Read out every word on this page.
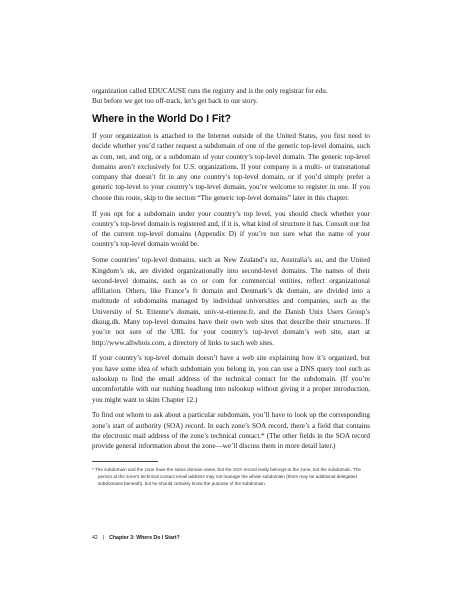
organization called EDUCAUSE runs the registry and is the only registrar for edu.
But before we get too off-track, let’s get back to our story.

Where in the World Do I Fit?

If your organization is attached to the Internet outside of the United States, you first need to decide whether you’d rather request a subdomain of one of the generic top-level domains, such as com, net, and org, or a subdomain of your country’s top-level domain. The generic top-level domains aren’t exclusively for U.S. organizations. If your company is a multi- or transnational company that doesn’t fit in any one country’s top-level domain, or if you’d simply prefer a generic top-level to your country’s top-level domain, you’re welcome to register in one. If you choose this route, skip to the section “The generic top-level domains” later in this chapter.

If you opt for a subdomain under your country’s top level, you should check whether your country’s top-level domain is registered and, if it is, what kind of structure it has. Consult our list of the current top-level domains (Appendix D) if you’re not sure what the name of your country’s top-level domain would be.

Some countries’ top-level domains, such as New Zealand’s nz, Australia’s au, and the United Kingdom’s uk, are divided organizationally into second-level domains. The names of their second-level domains, such as co or com for commercial entities, reflect organizational affiliation. Others, like France’s fr domain and Denmark’s dk domain, are divided into a multitude of subdomains managed by individual universities and companies, such as the University of St. Etienne’s domain, univ-st-etienne.fr, and the Danish Unix Users Group’s dkuug.dk. Many top-level domains have their own web sites that describe their structures. If you’re not sure of the URL for your country’s top-level domain’s web site, start at http://www.allwhois.com, a directory of links to such web sites.

If your country’s top-level domain doesn’t have a web site explaining how it’s organized, but you have some idea of which subdomain you belong in, you can use a DNS query tool such as nslookup to find the email address of the technical contact for the subdomain. (If you’re uncomfortable with our rushing headlong into nslookup without giving it a proper introduction, you might want to skim Chapter 12.)

To find out whom to ask about a particular subdomain, you’ll have to look up the corresponding zone’s start of authority (SOA) record. In each zone’s SOA record, there’s a field that contains the electronic mail address of the zone’s technical contact.* (The other fields in the SOA record provide general information about the zone—we’ll discuss them in more detail later.)

* The subdomain and the zone have the same domain name, but the SOA record really belongs to the zone, not the subdomain. The person at the zone’s technical contact email address may not manage the whole subdomain (there may be additional delegated subdomains beneath), but he should certainly know the purpose of the subdomain.
42 | Chapter 3: Where Do I Start?
